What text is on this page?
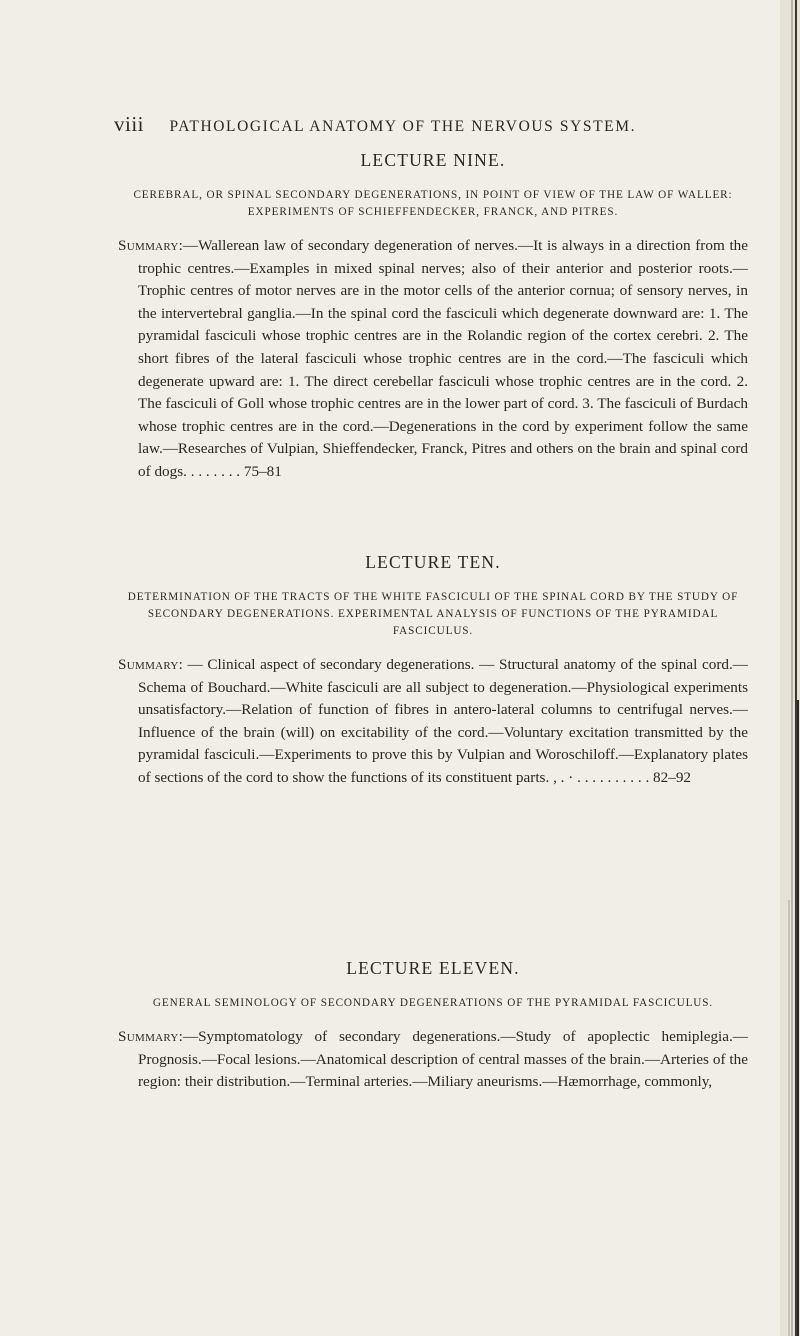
viii PATHOLOGICAL ANATOMY OF THE NERVOUS SYSTEM.
LECTURE NINE.
CEREBRAL, OR SPINAL SECONDARY DEGENERATIONS, IN POINT OF VIEW OF THE LAW OF WALLER: EXPERIMENTS OF SCHIEFFENDECKER, FRANCK, AND PITRES.

Summary:—Wallerean law of secondary degeneration of nerves.—It is always in a direction from the trophic centres.—Examples in mixed spinal nerves; also of their anterior and posterior roots.—Trophic centres of motor nerves are in the motor cells of the anterior cornua; of sensory nerves, in the intervertebral ganglia.—In the spinal cord the fasciculi which degenerate downward are: 1. The pyramidal fasciculi whose trophic centres are in the Rolandic region of the cortex cerebri. 2. The short fibres of the lateral fasciculi whose trophic centres are in the cord.—The fasciculi which degenerate upward are: 1. The direct cerebellar fasciculi whose trophic centres are in the cord. 2. The fasciculi of Goll whose trophic centres are in the lower part of cord. 3. The fasciculi of Burdach whose trophic centres are in the cord.—Degenerations in the cord by experiment follow the same law.—Researches of Vulpian, Shieffendecker, Franck, Pitres and others on the brain and spinal cord of dogs. . . . . . . . 75–81

LECTURE TEN.
DETERMINATION OF THE TRACTS OF THE WHITE FASCICULI OF THE SPINAL CORD BY THE STUDY OF SECONDARY DEGENERATIONS. EXPERIMENTAL ANALYSIS OF FUNCTIONS OF THE PYRAMIDAL FASCICULUS.

Summary: — Clinical aspect of secondary degenerations. — Structural anatomy of the spinal cord.—Schema of Bouchard.—White fasciculi are all subject to degeneration.—Physiological experiments unsatisfactory.—Relation of function of fibres in antero-lateral columns to centrifugal nerves.—Influence of the brain (will) on excitability of the cord.—Voluntary excitation transmitted by the pyramidal fasciculi.—Experiments to prove this by Vulpian and Woroschiloff.—Explanatory plates of sections of the cord to show the functions of its constituent parts. , . · . . . . . . . . . . 82–92

LECTURE ELEVEN.
GENERAL SEMINOLOGY OF SECONDARY DEGENERATIONS OF THE PYRAMIDAL FASCICULUS.

Summary:—Symptomatology of secondary degenerations.—Study of apoplectic hemiplegia.—Prognosis.—Focal lesions.—Anatomical description of central masses of the brain.—Arteries of the region: their distribution.—Terminal arteries.—Miliary aneurisms.—Hæmorrhage, commonly,
